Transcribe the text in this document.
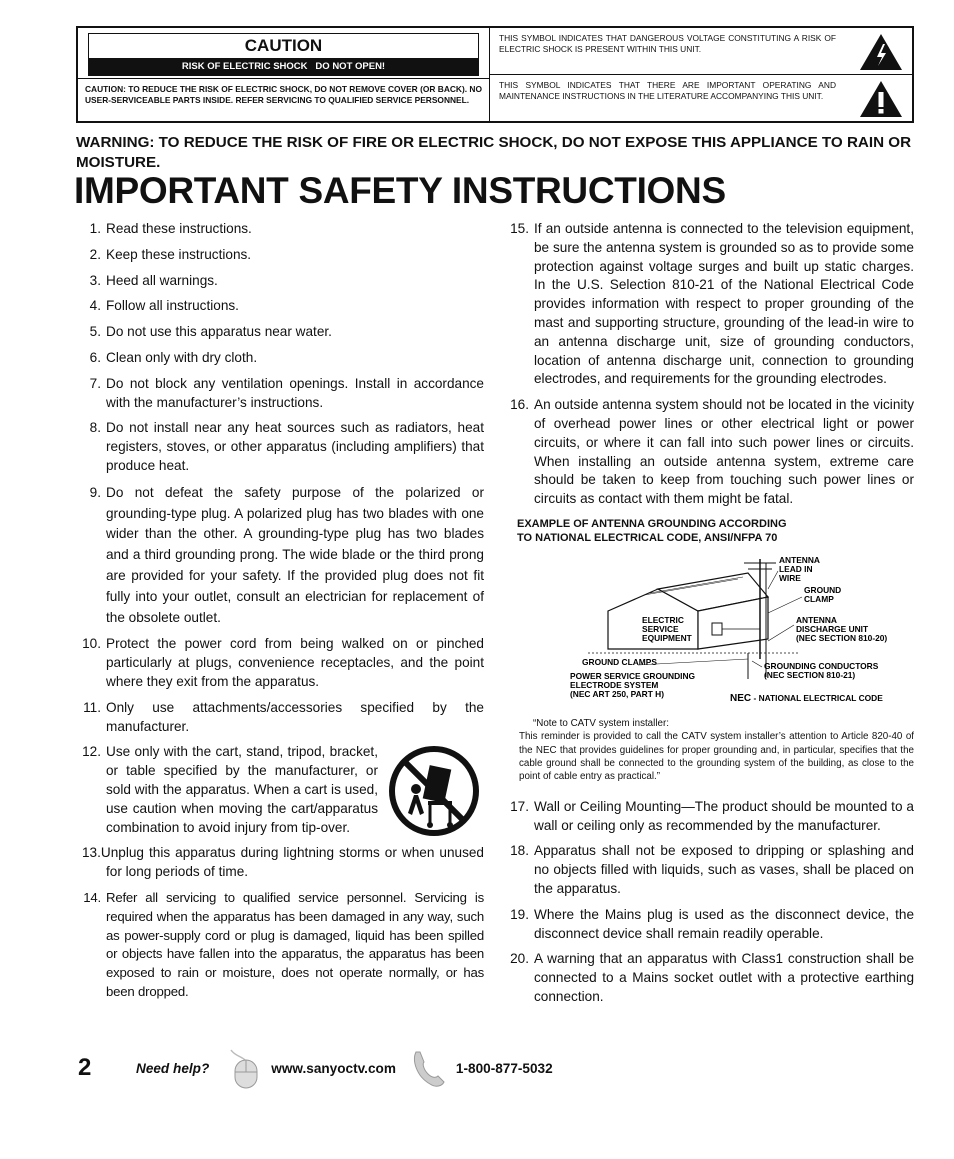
CAUTION
RISK OF ELECTRIC SHOCK   DO NOT OPEN!
CAUTION: TO REDUCE THE RISK OF ELECTRIC SHOCK, DO NOT REMOVE COVER (OR BACK). NO USER-SERVICEABLE PARTS INSIDE. REFER SERVICING TO QUALIFIED SERVICE PERSONNEL.
THIS SYMBOL INDICATES THAT DANGEROUS VOLTAGE CONSTITUTING A RISK OF ELECTRIC SHOCK IS PRESENT WITHIN THIS UNIT.
THIS SYMBOL INDICATES THAT THERE ARE IMPORTANT OPERATING AND MAINTENANCE INSTRUCTIONS IN THE LITERATURE ACCOMPANYING THIS UNIT.
WARNING: TO REDUCE THE RISK OF FIRE OR ELECTRIC SHOCK, DO NOT EXPOSE THIS APPLIANCE TO RAIN OR MOISTURE.
IMPORTANT SAFETY INSTRUCTIONS
1. Read these instructions.
2. Keep these instructions.
3. Heed all warnings.
4. Follow all instructions.
5. Do not use this apparatus near water.
6. Clean only with dry cloth.
7. Do not block any ventilation openings. Install in accordance with the manufacturer’s instructions.
8. Do not install near any heat sources such as radiators, heat registers, stoves, or other apparatus (including amplifiers) that produce heat.
9. Do not defeat the safety purpose of the polarized or grounding-type plug. A polarized plug has two blades with one wider than the other. A grounding-type plug has two blades and a third grounding prong. The wide blade or the third prong are provided for your safety. If the provided plug does not fit fully into your outlet, consult an electrician for replacement of the obsolete outlet.
10. Protect the power cord from being walked on or pinched particularly at plugs, convenience receptacles, and the point where they exit from the apparatus.
11. Only use attachments/accessories specified by the manufacturer.
12. Use only with the cart, stand, tripod, bracket, or table specified by the manufacturer, or sold with the apparatus. When a cart is used, use caution when moving the cart/apparatus combination to avoid injury from tip-over.
13.Unplug this apparatus during lightning storms or when unused for long periods of time.
14. Refer all servicing to qualified service personnel. Servicing is required when the apparatus has been damaged in any way, such as power-supply cord or plug is damaged, liquid has been spilled or objects have fallen into the apparatus, the apparatus has been exposed to rain or moisture, does not operate normally, or has been dropped.
15. If an outside antenna is connected to the television equipment, be sure the antenna system is grounded so as to provide some protection against voltage surges and built up static charges. In the U.S. Selection 810-21 of the National Electrical Code provides information with respect to proper grounding of the mast and supporting structure, grounding of the lead-in wire to an antenna discharge unit, size of grounding conductors, location of antenna discharge unit, connection to grounding electrodes, and requirements for the grounding electrodes.
16. An outside antenna system should not be located in the vicinity of overhead power lines or other electrical light or power circuits, or where it can fall into such power lines or circuits. When installing an outside antenna system, extreme care should be taken to keep from touching such power lines or circuits as contact with them might be fatal.
EXAMPLE OF ANTENNA GROUNDING ACCORDING
TO NATIONAL ELECTRICAL CODE, ANSI/NFPA 70
ANTENNA LEAD IN WIRE
GROUND CLAMP
ELECTRIC SERVICE EQUIPMENT
ANTENNA DISCHARGE UNIT (NEC SECTION 810-20)
GROUND CLAMPS	GROUNDING CONDUCTORS (NEC SECTION 810-21)
POWER SERVICE GROUNDING ELECTRODE SYSTEM (NEC ART 250, PART H)	NEC - NATIONAL ELECTRICAL CODE
“Note to CATV system installer:
This reminder is provided to call the CATV system installer’s attention to Article 820-40 of the NEC that provides guidelines for proper grounding and, in particular, specifies that the cable ground shall be connected to the grounding system of the building, as close to the point of cable entry as practical.”
17. Wall or Ceiling Mounting—The product should be mounted to a wall or ceiling only as recommended by the manufacturer.
18. Apparatus shall not be exposed to dripping or splashing and no objects filled with liquids, such as vases, shall be placed on the apparatus.
19. Where the Mains plug is used as the disconnect device, the disconnect device shall remain readily operable.
20. A warning that an apparatus with Class1 construction shall be connected to a Mains socket outlet with a protective earthing connection.
2	Need help?	www.sanyoctv.com	1-800-877-5032
